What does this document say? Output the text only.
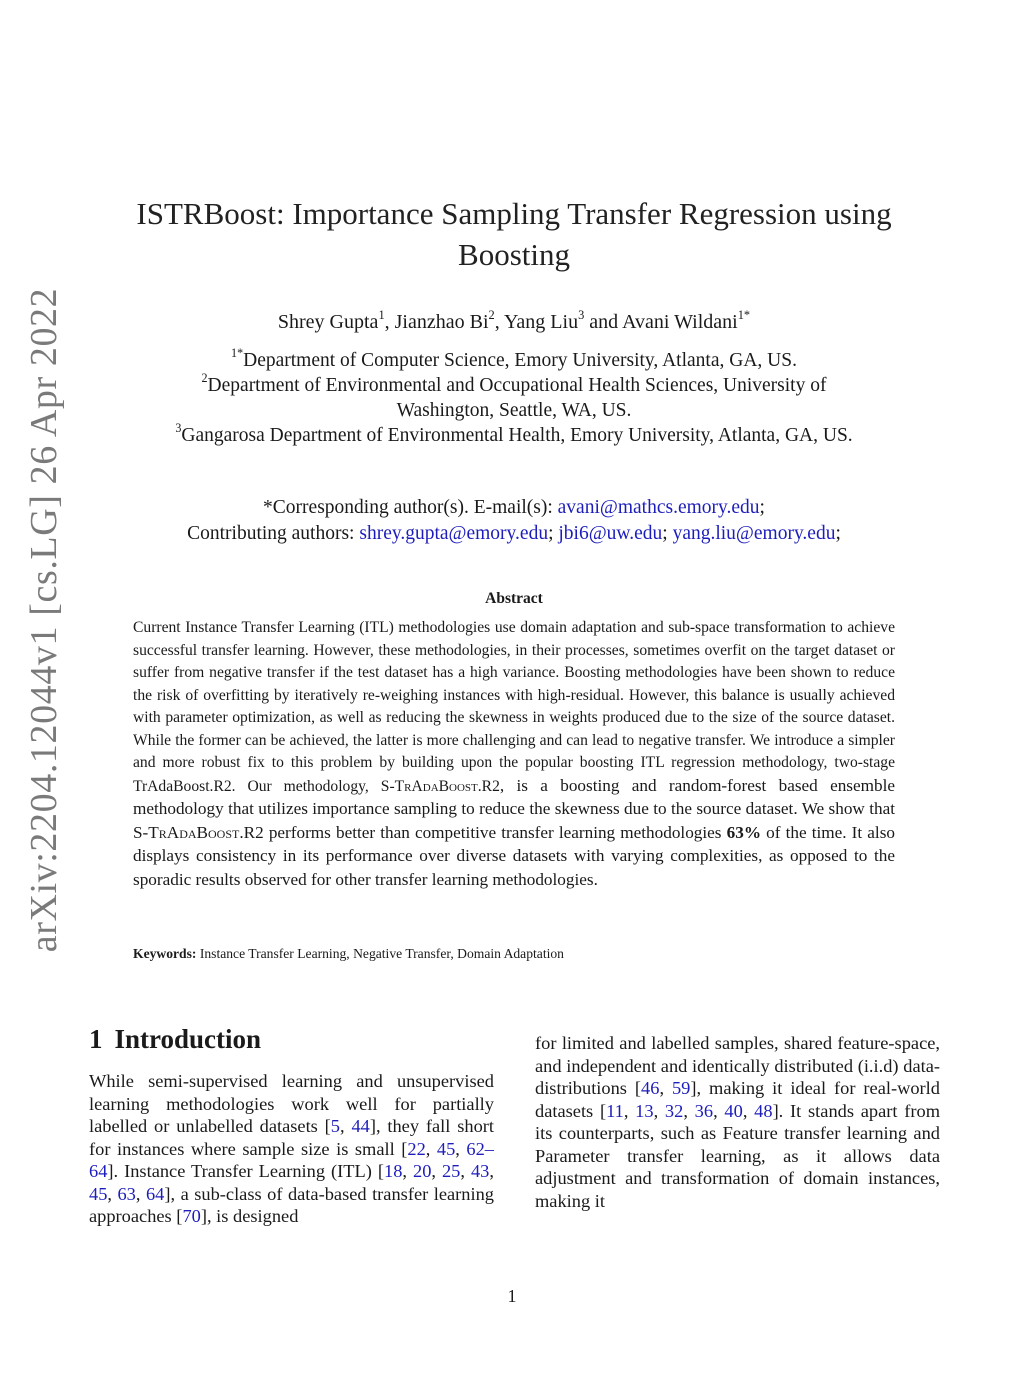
arXiv:2204.12044v1 [cs.LG] 26 Apr 2022
ISTRBoost: Importance Sampling Transfer Regression using
Boosting
Shrey Gupta$^1$, Jianzhao Bi$^2$, Yang Liu$^3$ and Avani Wildani$^{1*}$
$^{1*}$Department of Computer Science, Emory University, Atlanta, GA, US.
$^2$Department of Environmental and Occupational Health Sciences, University of
Washington, Seattle, WA, US.
$^3$Gangarosa Department of Environmental Health, Emory University, Atlanta, GA, US.
*Corresponding author(s). E-mail(s): avani@mathcs.emory.edu;
Contributing authors: shrey.gupta@emory.edu; jbi6@uw.edu; yang.liu@emory.edu;
Abstract
Current Instance Transfer Learning (ITL) methodologies use domain adaptation and sub-space transformation to achieve successful transfer learning. However, these methodologies, in their processes, sometimes overfit on the target dataset or suffer from negative transfer if the test dataset has a high variance. Boosting methodologies have been shown to reduce the risk of overfitting by iteratively re-weighing instances with high-residual. However, this balance is usually achieved with parameter optimization, as well as reducing the skewness in weights produced due to the size of the source dataset. While the former can be achieved, the latter is more challenging and can lead to negative transfer. We introduce a simpler and more robust fix to this problem by building upon the popular boosting ITL regression methodology, two-stage TrAdaBoost.R2. Our methodology, S-TrAdaBoost.R2, is a boosting and random-forest based ensemble methodology that utilizes importance sampling to reduce the skewness due to the source dataset. We show that S-TrAdaBoost.R2 performs better than competitive transfer learning methodologies 63% of the time. It also displays consistency in its performance over diverse datasets with varying complexities, as opposed to the sporadic results observed for other transfer learning methodologies.
Keywords: Instance Transfer Learning, Negative Transfer, Domain Adaptation
1 Introduction
While semi-supervised learning and unsupervised learning methodologies work well for partially labelled or unlabelled datasets [5, 44], they fall short for instances where sample size is small [22, 45, 62–64]. Instance Transfer Learning (ITL) [18, 20, 25, 43, 45, 63, 64], a sub-class of data-based transfer learning approaches [70], is designed
for limited and labelled samples, shared feature-space, and independent and identically distributed (i.i.d) data-distributions [46, 59], making it ideal for real-world datasets [11, 13, 32, 36, 40, 48]. It stands apart from its counterparts, such as Feature transfer learning and Parameter transfer learning, as it allows data adjustment and transformation of domain instances, making it
1
